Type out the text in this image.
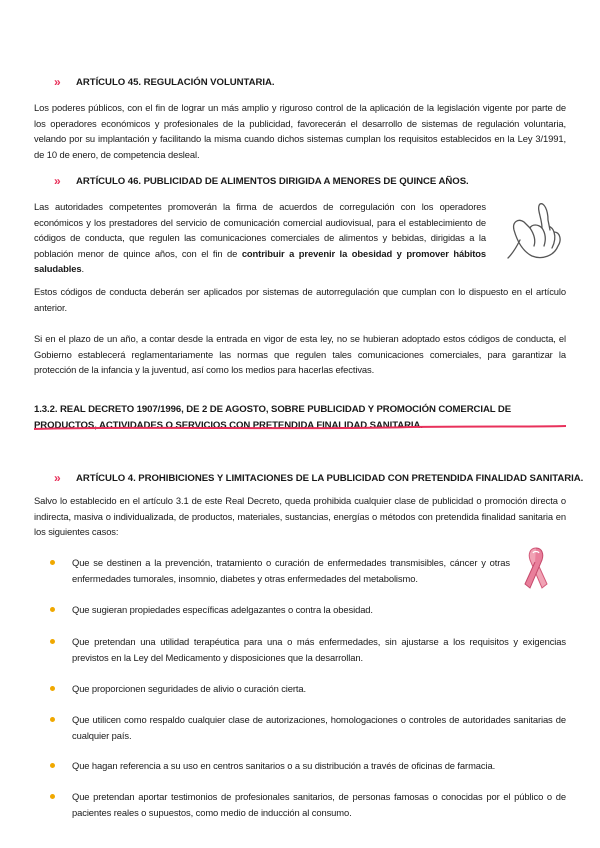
»	ARTÍCULO 45. REGULACIÓN VOLUNTARIA.

Los poderes públicos, con el fin de lograr un más amplio y riguroso control de la aplicación de la legislación vigente por parte de los operadores económicos y profesionales de la publicidad, favorecerán el desarrollo de sistemas de regulación voluntaria, velando por su implantación y facilitando la misma cuando dichos sistemas cumplan los requisitos establecidos en la Ley 3/1991, de 10 de enero, de competencia desleal.

»	ARTÍCULO 46. PUBLICIDAD DE ALIMENTOS DIRIGIDA A MENORES DE QUINCE AÑOS.

Las autoridades competentes promoverán la firma de acuerdos de corregulación con los operadores económicos y los prestadores del servicio de comunicación comercial audiovisual, para el establecimiento de códigos de conducta, que regulen las comunicaciones comerciales de alimentos y bebidas, dirigidas a la población menor de quince años, con el fin de contribuir a prevenir la obesidad y promover hábitos saludables.

Estos códigos de conducta deberán ser aplicados por sistemas de autorregulación que cumplan con lo dispuesto en el artículo anterior.

Si en el plazo de un año, a contar desde la entrada en vigor de esta ley, no se hubieran adoptado estos códigos de conducta, el Gobierno establecerá reglamentariamente las normas que regulen tales comunicaciones comerciales, para garantizar la protección de la infancia y la juventud, así como los medios para hacerlas efectivas.

1.3.2. REAL DECRETO 1907/1996, DE 2 DE AGOSTO, SOBRE PUBLICIDAD Y PROMOCIÓN COMERCIAL DE PRODUCTOS, ACTIVIDADES O SERVICIOS CON PRETENDIDA FINALIDAD SANITARIA.

»	ARTÍCULO 4. PROHIBICIONES Y LIMITACIONES DE LA PUBLICIDAD CON PRETENDIDA FINALIDAD SANITARIA.

Salvo lo establecido en el artículo 3.1 de este Real Decreto, queda prohibida cualquier clase de publicidad o promoción directa o indirecta, masiva o individualizada, de productos, materiales, sustancias, energías o métodos con pretendida finalidad sanitaria en los siguientes casos:

Que se destinen a la prevención, tratamiento o curación de enfermedades transmisibles, cáncer y otras enfermedades tumorales, insomnio, diabetes y otras enfermedades del metabolismo.
Que sugieran propiedades específicas adelgazantes o contra la obesidad.
Que pretendan una utilidad terapéutica para una o más enfermedades, sin ajustarse a los requisitos y exigencias previstos en la Ley del Medicamento y disposiciones que la desarrollan.
Que proporcionen seguridades de alivio o curación cierta.
Que utilicen como respaldo cualquier clase de autorizaciones, homologaciones o controles de autoridades sanitarias de cualquier país.
Que hagan referencia a su uso en centros sanitarios o a su distribución a través de oficinas de farmacia.
Que pretendan aportar testimonios de profesionales sanitarios, de personas famosas o conocidas por el público o de pacientes reales o supuestos, como medio de inducción al consumo.
